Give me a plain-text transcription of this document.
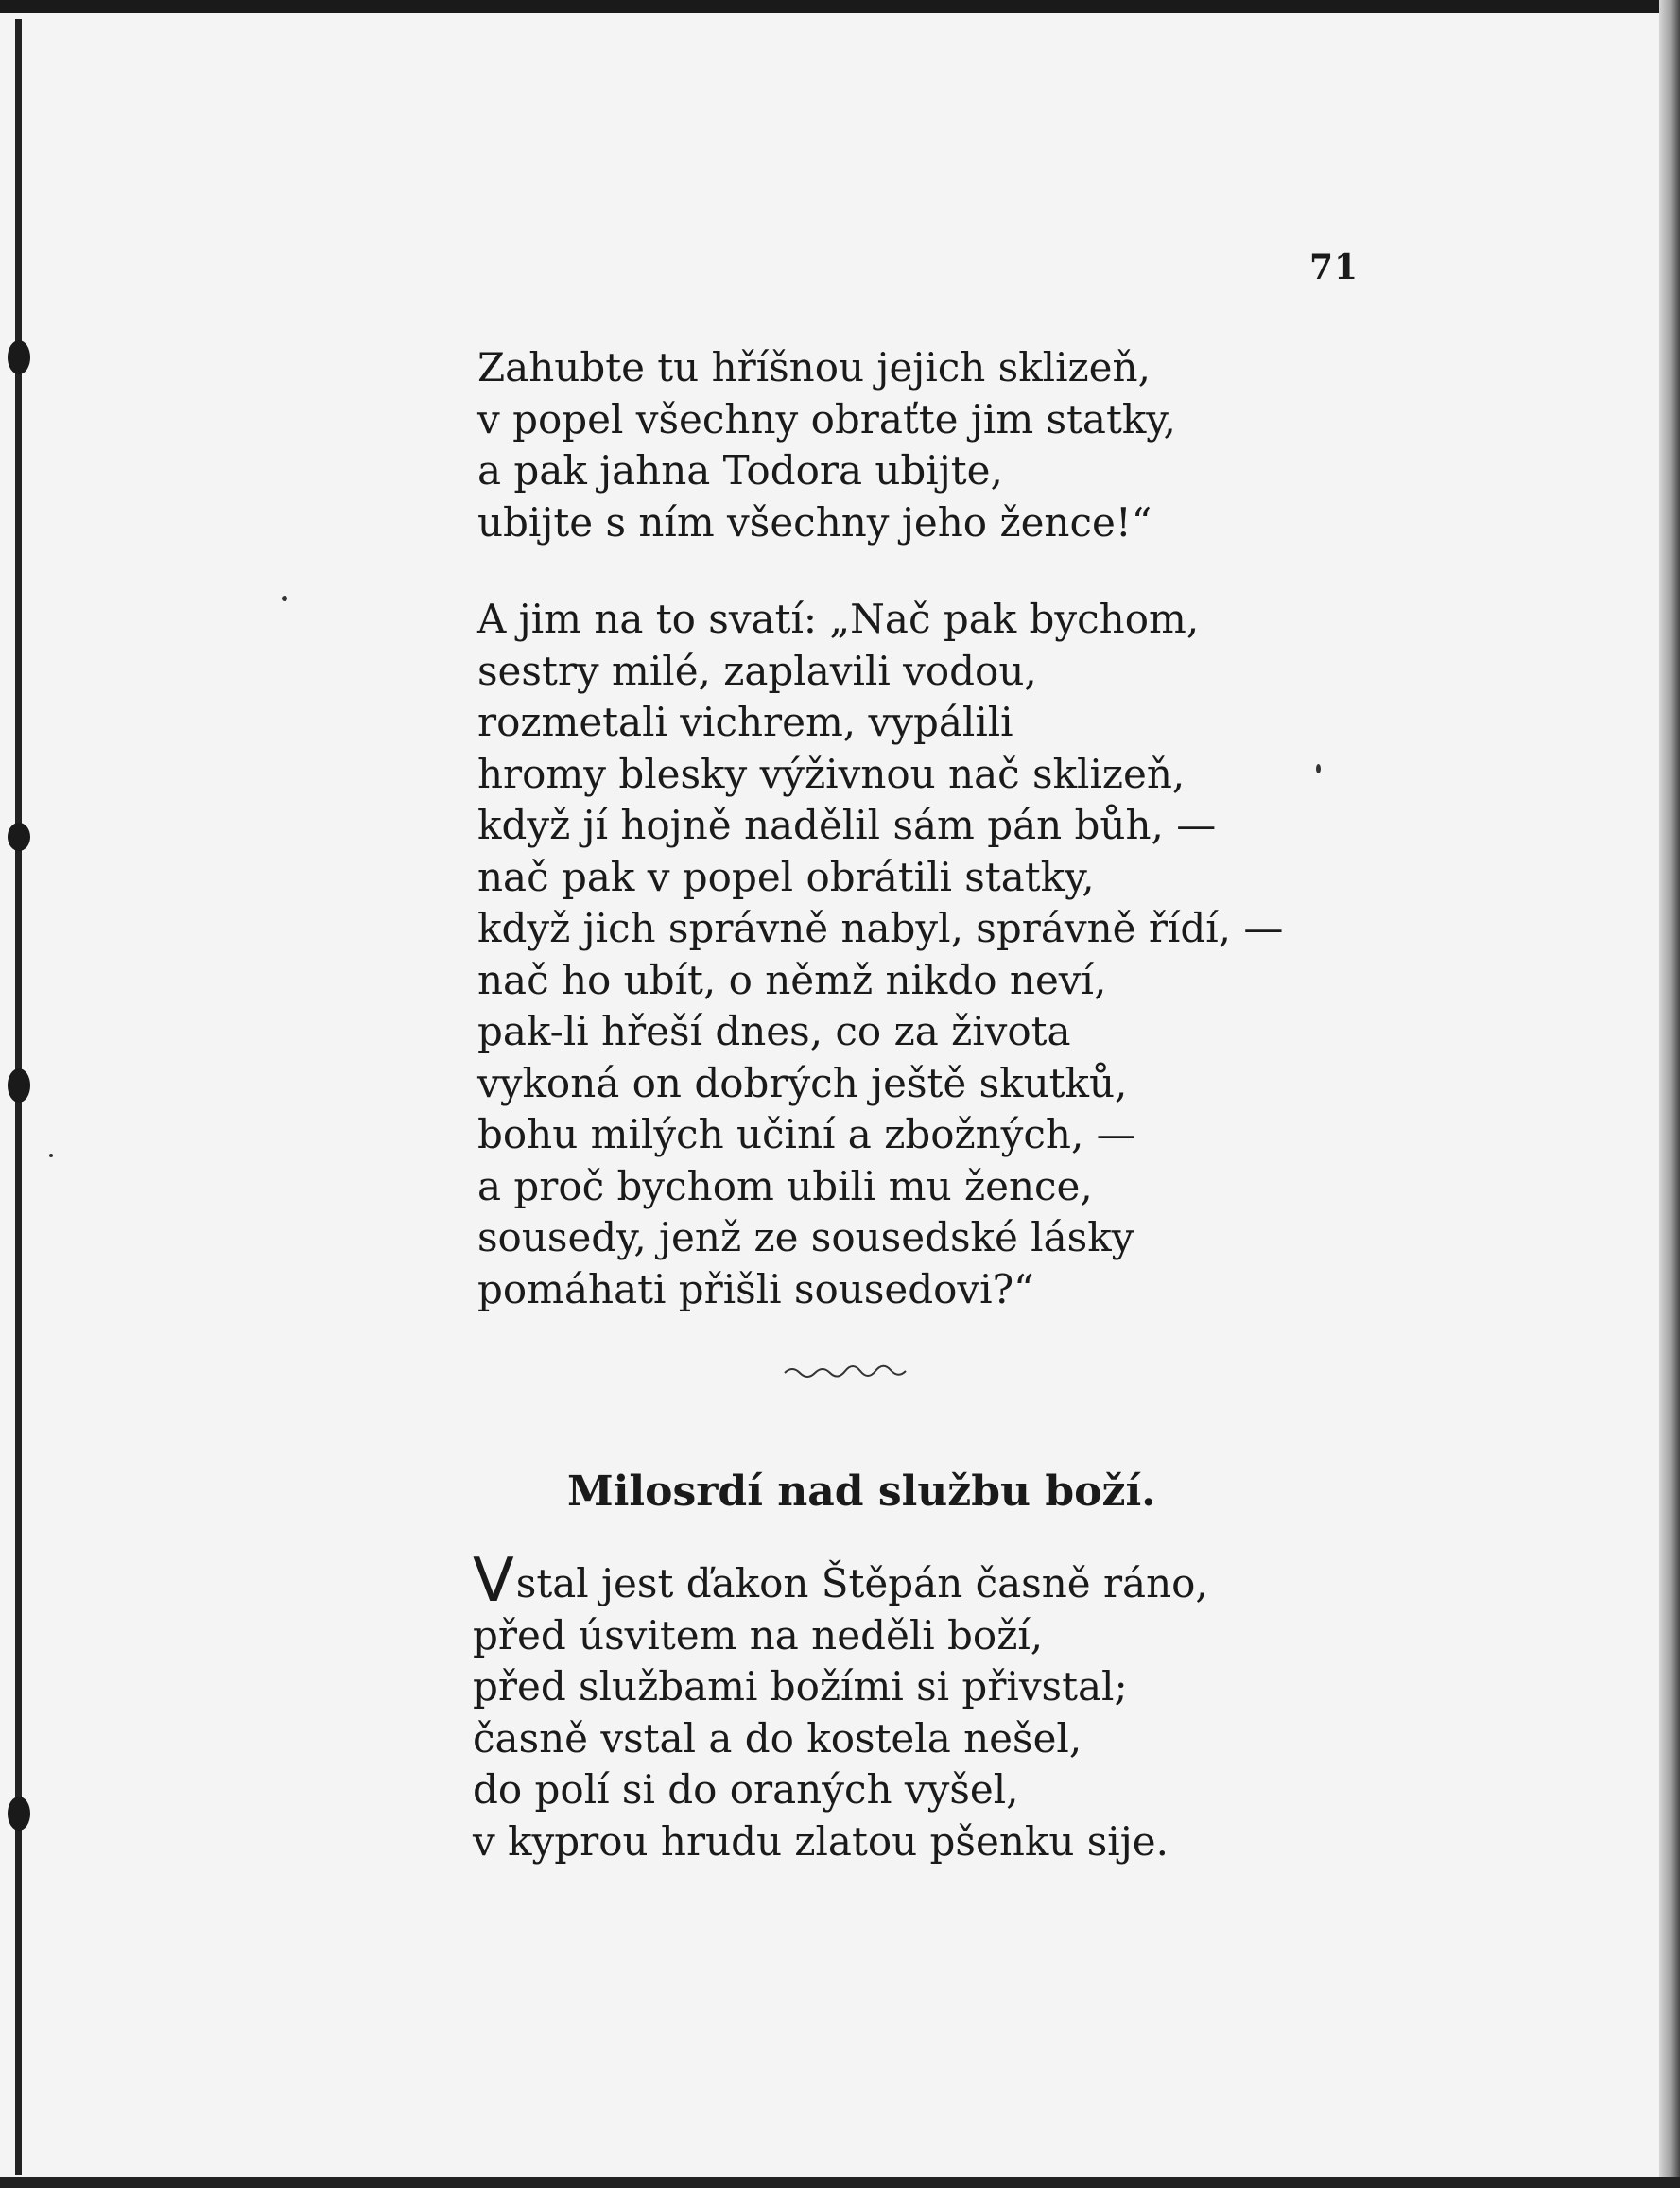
71
Zahubte tu hříšnou jejich sklizeň,
v popel všechny obraťte jim statky,
a pak jahna Todora ubijte,
ubijte s ním všechny jeho žence!“
A jim na to svatí: „Nač pak bychom,
sestry milé, zaplavili vodou,
rozmetali vichrem, vypálili
hromy blesky výživnou nač sklizeň,
když jí hojně nadělil sám pán bůh, —
nač pak v popel obrátili statky,
když jich správně nabyl, správně řídí, —
nač ho ubít, o němž nikdo neví,
pak-li hřeší dnes, co za života
vykoná on dobrých ještě skutků,
bohu milých učiní a zbožných, —
a proč bychom ubili mu žence,
sousedy, jenž ze sousedské lásky
pomáhati přišli sousedovi?“
Milosrdí nad službu boží.
Vstal jest ďakon Štěpán časně ráno,
před úsvitem na neděli boží,
před službami božími si přivstal;
časně vstal a do kostela nešel,
do polí si do oraných vyšel,
v kyprou hrudu zlatou pšenku sije.
